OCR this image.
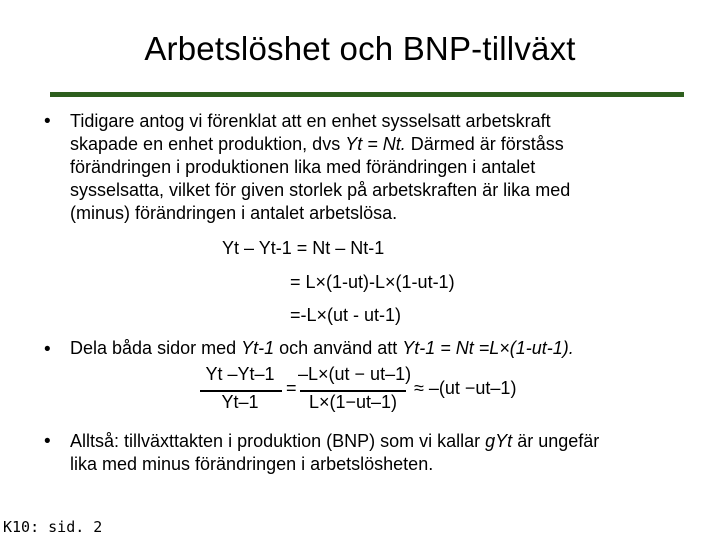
Arbetslöshet och BNP-tillväxt
• Tidigare antog vi förenklat att en enhet sysselsatt arbetskraft
skapade en enhet produktion, dvs Yt = Nt. Därmed är förståss
förändringen i produktionen lika med förändringen i antalet
sysselsatta, vilket för given storlek på arbetskraften är lika med
(minus) förändringen i antalet arbetslösa.
Yt – Yt-1 = Nt – Nt-1
= L×(1-ut)-L×(1-ut-1)
=-L×(ut - ut-1)
• Dela båda sidor med Yt-1 och använd att Yt-1 = Nt =L×(1-ut-1).
Yt –Yt–1
Yt–1
=
–L×(ut − ut–1)
L×(1−ut–1)
≈ –(ut −ut–1)
• Alltså: tillväxttakten i produktion (BNP) som vi kallar gYt är ungefär
lika med minus förändringen i arbetslösheten.
K10: sid. 2
